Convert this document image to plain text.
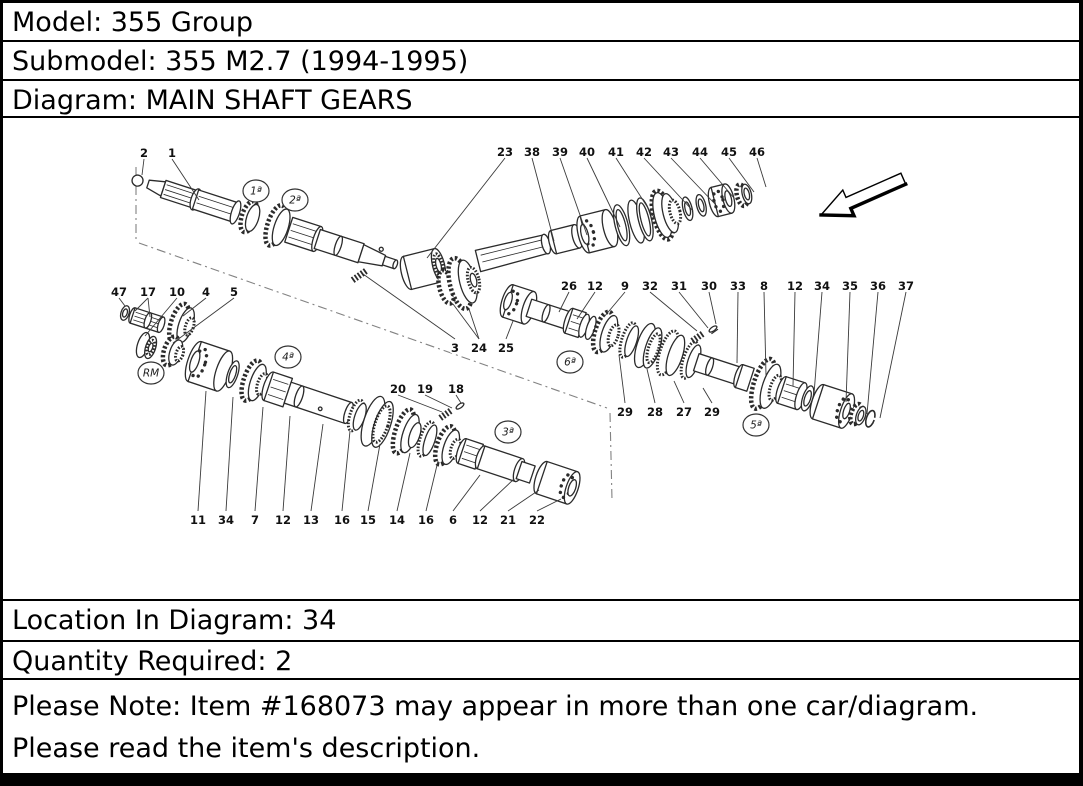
Model: 355 Group
Submodel: 355 M2.7 (1994-1995)
Diagram: MAIN SHAFT GEARS
2 1	23 38 39 40 41 42 43 44 45 46
47 17 10 4 5
3 24 25
26 12 9 32 31 30 33 8 12 34 35 36 37
29 28 27 29
20 19 18
11 34 7 12 13 16 15 14 16 6 12 21 22
1ª
2ª
6ª
5ª
4ª
3ª
RM
Location In Diagram: 34
Quantity Required: 2
Please Note: Item #168073 may appear in more than one car/diagram. Please read the item's description.
